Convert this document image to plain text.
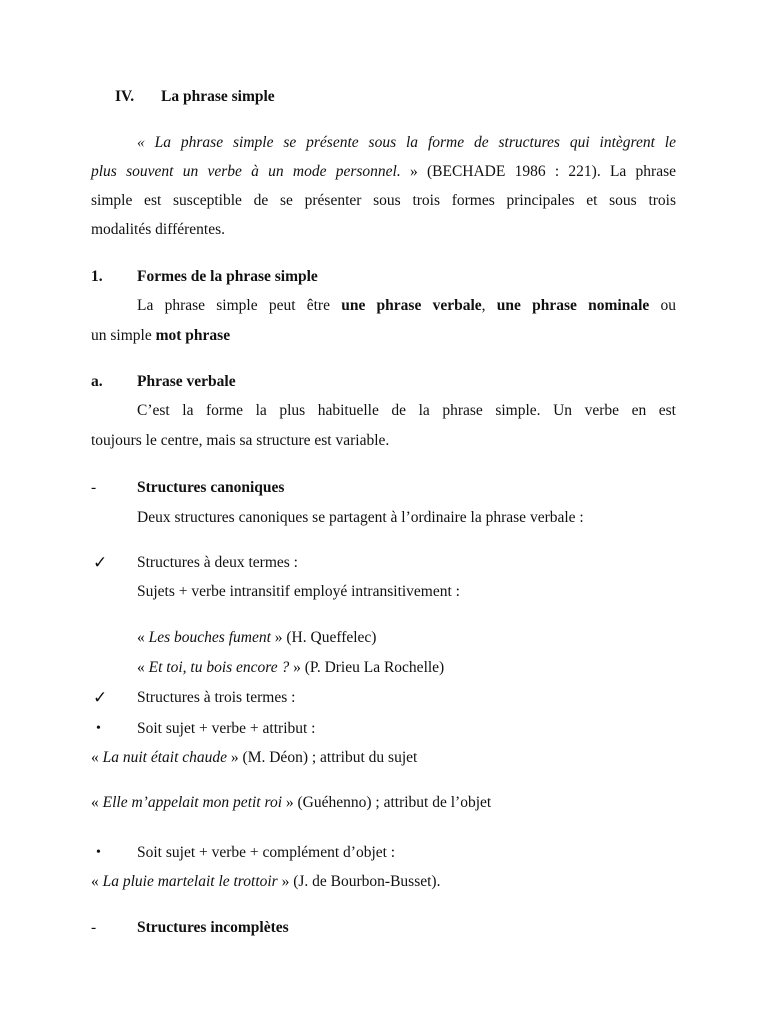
IV. La phrase simple
« La phrase simple se présente sous la forme de structures qui intègrent le
plus souvent un verbe à un mode personnel. » (BECHADE 1986 : 221). La phrase
simple est susceptible de se présenter sous trois formes principales et sous trois
modalités différentes.
1. Formes de la phrase simple
La phrase simple peut être une phrase verbale, une phrase nominale ou
un simple mot phrase
a. Phrase verbale
C’est la forme la plus habituelle de la phrase simple. Un verbe en est
toujours le centre, mais sa structure est variable.
-	Structures canoniques
Deux structures canoniques se partagent à l’ordinaire la phrase verbale :
✓ Structures à deux termes :
Sujets + verbe intransitif employé intransitivement :
« Les bouches fument » (H. Queffelec)
« Et toi, tu bois encore ? » (P. Drieu La Rochelle)
✓ Structures à trois termes :
• Soit sujet + verbe + attribut :
« La nuit était chaude » (M. Déon) ; attribut du sujet
« Elle m’appelait mon petit roi » (Guéhenno) ; attribut de l’objet
• Soit sujet + verbe + complément d’objet :
« La pluie martelait le trottoir » (J. de Bourbon-Busset).
-	Structures incomplètes
